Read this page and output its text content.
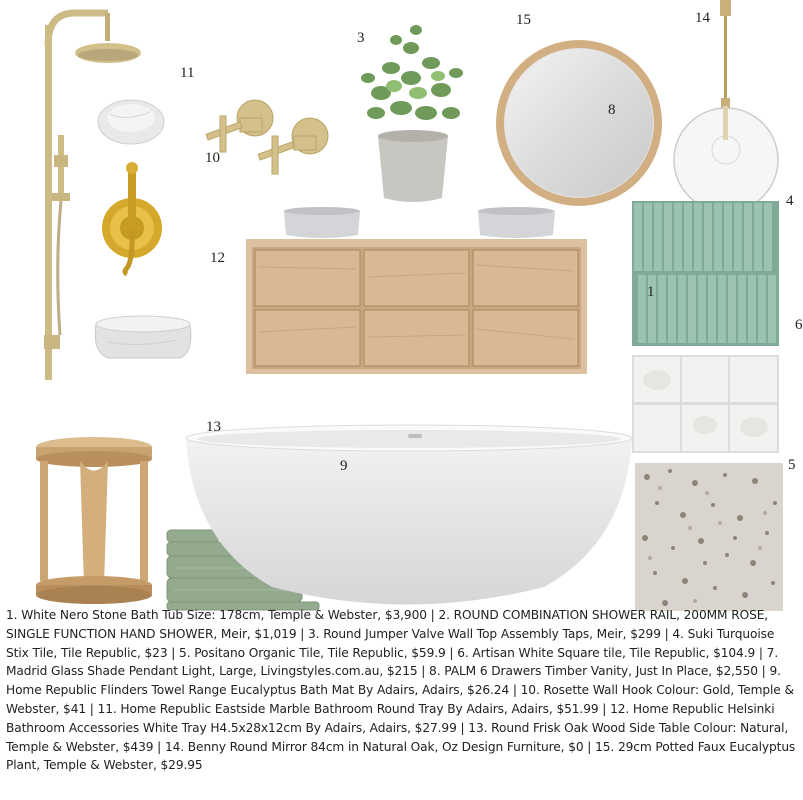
11
3
15	14
8
10
4
12
1
6
13
9	5
1. White Nero Stone Bath Tub Size: 178cm, Temple & Webster, $3,900 | 2. ROUND COMBINATION SHOWER RAIL, 200MM ROSE, SINGLE FUNCTION HAND SHOWER, Meir, $1,019 | 3. Round Jumper Valve Wall Top Assembly Taps, Meir, $299 | 4. Suki Turquoise Stix Tile, Tile Republic, $23 | 5. Positano Organic Tile, Tile Republic, $59.9 | 6. Artisan White Square tile, Tile Republic, $104.9 | 7. Madrid Glass Shade Pendant Light, Large, Livingstyles.com.au, $215 | 8. PALM 6 Drawers Timber Vanity, Just In Place, $2,550 | 9. Home Republic Flinders Towel Range Eucalyptus Bath Mat By Adairs, Adairs, $26.24 | 10. Rosette Wall Hook Colour: Gold, Temple & Webster, $41 | 11. Home Republic Eastside Marble Bathroom Round Tray By Adairs, Adairs, $51.99 | 12. Home Republic Helsinki Bathroom Accessories White Tray H4.5x28x12cm By Adairs, Adairs, $27.99 | 13. Round Frisk Oak Wood Side Table Colour: Natural, Temple & Webster, $439 | 14. Benny Round Mirror 84cm in Natural Oak, Oz Design Furniture, $0 | 15. 29cm Potted Faux Eucalyptus Plant, Temple & Webster, $29.95
